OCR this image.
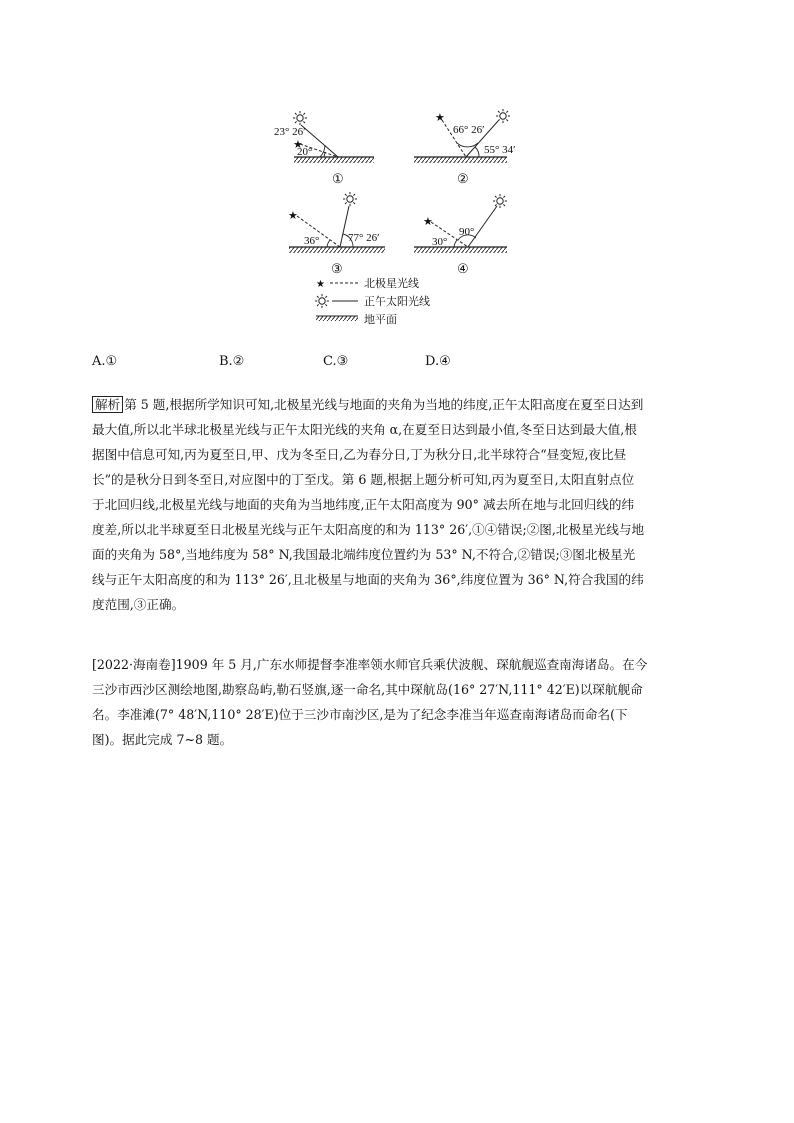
★
23° 26′
20°
①
★
66° 26′
55° 34′
②
★
36°	77° 26′
③
★
30°
90°
④
★	北极星光线
正午太阳光线
地平面
A.①	B.②	C.③	D.④
解析 第 5 题,根据所学知识可知,北极星光线与地面的夹角为当地的纬度,正午太阳高度在夏至日达到
最大值,所以北半球北极星光线与正午太阳光线的夹角 α,在夏至日达到最小值,冬至日达到最大值,根
据图中信息可知,丙为夏至日,甲、戊为冬至日,乙为春分日,丁为秋分日,北半球符合“昼变短,夜比昼
长”的是秋分日到冬至日,对应图中的丁至戊。第 6 题,根据上题分析可知,丙为夏至日,太阳直射点位
于北回归线,北极星光线与地面的夹角为当地纬度,正午太阳高度为 90° 减去所在地与北回归线的纬
度差,所以北半球夏至日北极星光线与正午太阳高度的和为 113° 26′,①④错误;②图,北极星光线与地
面的夹角为 58°,当地纬度为 58° N,我国最北端纬度位置约为 53° N,不符合,②错误;③图北极星光
线与正午太阳高度的和为 113° 26′,且北极星与地面的夹角为 36°,纬度位置为 36° N,符合我国的纬
度范围,③正确。
[2022·海南卷]1909 年 5 月,广东水师提督李准率领水师官兵乘伏波舰、琛航舰巡查南海诸岛。在今
三沙市西沙区测绘地图,勘察岛屿,勒石竖旗,逐一命名,其中琛航岛(16° 27′N,111° 42′E)以琛航舰命
名。李准滩(7° 48′N,110° 28′E)位于三沙市南沙区,是为了纪念李准当年巡查南海诸岛而命名(下
图)。据此完成 7~8 题。
